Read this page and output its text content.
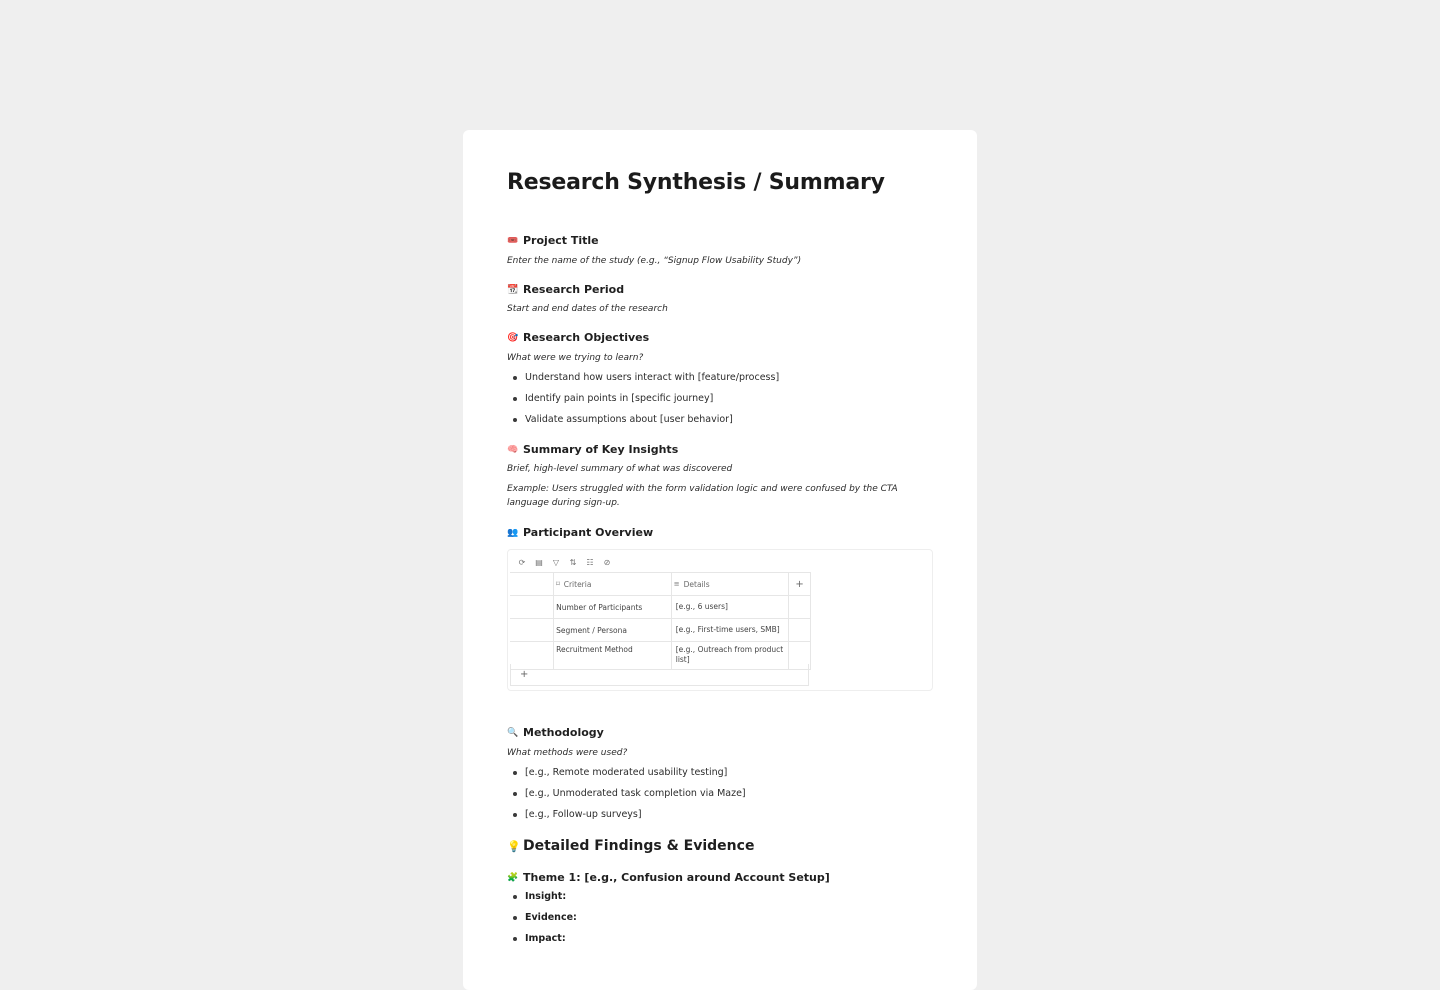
Research Synthesis / Summary
🎟️ Project Title
Enter the name of the study (e.g., “Signup Flow Usability Study”)
📆 Research Period
Start and end dates of the research
🎯 Research Objectives
What were we trying to learn?
Understand how users interact with [feature/process]
Identify pain points in [specific journey]
Validate assumptions about [user behavior]
🧠 Summary of Key Insights
Brief, high-level summary of what was discovered
Example: Users struggled with the form validation logic and were confused by the CTA language during sign-up.
👥 Participant Overview
⟳	▤	▽	⇅	☷	⊘

	⌑ Criteria	≡ Details	+

	Number of Participants	[e.g., 6 users]	

	Segment / Persona	[e.g., First-time users, SMB]	

	Recruitment Method	[e.g., Outreach from product list]	

+
🔍 Methodology
What methods were used?
[e.g., Remote moderated usability testing]
[e.g., Unmoderated task completion via Maze]
[e.g., Follow-up surveys]
💡 Detailed Findings & Evidence
🧩 Theme 1: [e.g., Confusion around Account Setup]
Insight:
Evidence:
Impact:
